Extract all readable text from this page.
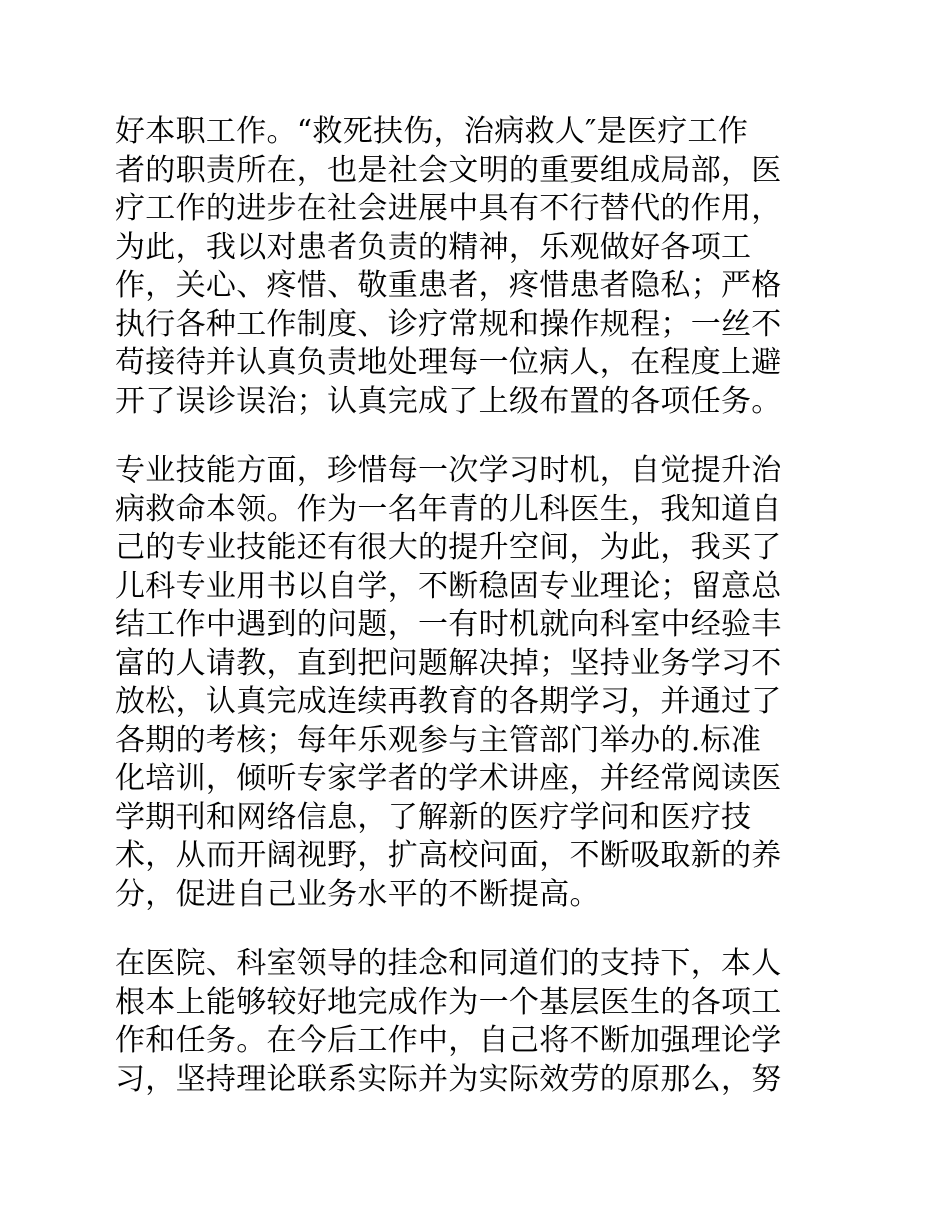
好本职工作。“救死扶伤，治病救人″是医疗工作
者的职责所在，也是社会文明的重要组成局部，医
疗工作的进步在社会进展中具有不行替代的作用，
为此，我以对患者负责的精神，乐观做好各项工
作，关心、疼惜、敬重患者，疼惜患者隐私；严格
执行各种工作制度、诊疗常规和操作规程；一丝不
苟接待并认真负责地处理每一位病人，在程度上避
开了误诊误治；认真完成了上级布置的各项任务。
专业技能方面，珍惜每一次学习时机，自觉提升治
病救命本领。作为一名年青的儿科医生，我知道自
己的专业技能还有很大的提升空间，为此，我买了
儿科专业用书以自学，不断稳固专业理论；留意总
结工作中遇到的问题，一有时机就向科室中经验丰
富的人请教，直到把问题解决掉；坚持业务学习不
放松，认真完成连续再教育的各期学习，并通过了
各期的考核；每年乐观参与主管部门举办的.标准
化培训，倾听专家学者的学术讲座，并经常阅读医
学期刊和网络信息，了解新的医疗学问和医疗技
术，从而开阔视野，扩高校问面，不断吸取新的养
分，促进自己业务水平的不断提高。
在医院、科室领导的挂念和同道们的支持下，本人
根本上能够较好地完成作为一个基层医生的各项工
作和任务。在今后工作中，自己将不断加强理论学
习，坚持理论联系实际并为实际效劳的原那么，努
